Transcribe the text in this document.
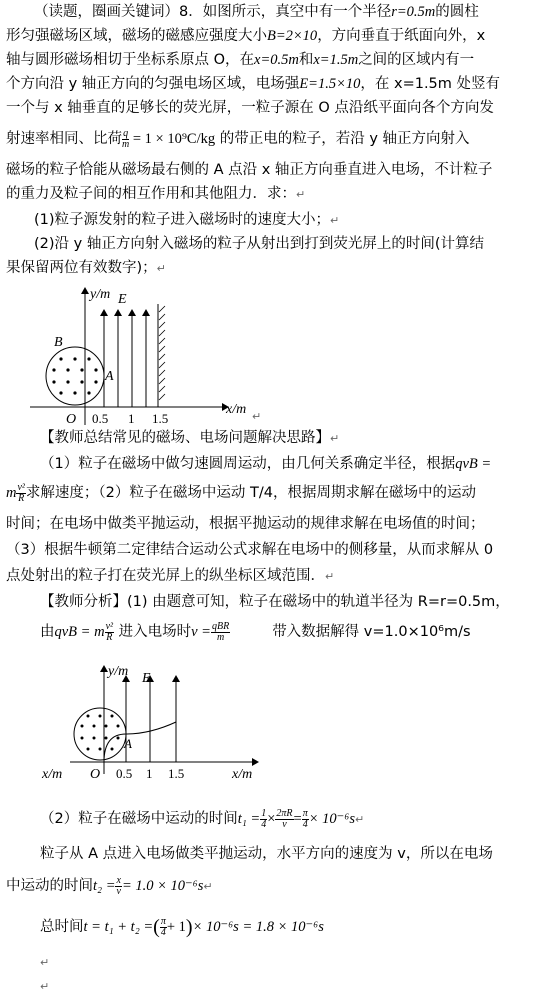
（读题，圈画关键词）8．如图所示，真空中有一个半径r=0.5m的圆柱
形匀强磁场区域，磁场的磁感应强度大小B=2×10，方向垂直于纸面向外，x
轴与圆形磁场相切于坐标系原点 O，在x=0.5m和x=1.5m之间的区域内有一
个方向沿 y 轴正方向的匀强电场区域，电场强E=1.5×10，在 x=1.5m 处竖有
一个与 x 轴垂直的足够长的荧光屏，一粒子源在 O 点沿纸平面向各个方向发
射速率相同、比荷 $\frac{q}{m} = 1 \times 10^9C/kg$ 的带正电的粒子，若沿 y 轴正方向射入
磁场的粒子恰能从磁场最右侧的 A 点沿 x 轴正方向垂直进入电场，不计粒子
的重力及粒子间的相互作用和其他阻力．求：↵
(1)粒子源发射的粒子进入磁场时的速度大小；↵
(2)沿 y 轴正方向射入磁场的粒子从射出到打到荧光屏上的时间(计算结
果保留两位有效数字)；↵
y/m
x/m
E
B
A
O 0.5 1 1.5	↵
【教师总结常见的磁场、电场问题解决思路】↵
（1）粒子在磁场中做匀速圆周运动，由几何关系确定半径，根据qvB =
m $\frac{\text{v²}}{R}$ 求解速度；（2）粒子在磁场中运动 T/4，根据周期求解在磁场中的运动
时间；在电场中做类平抛运动，根据平抛运动的规律求解在电场值的时间；
（3）根据牛顿第二定律结合运动公式求解在电场中的侧移量，从而求解从 0
点处射出的粒子打在荧光屏上的纵坐标区域范围．↵
【教师分析】(1) 由题意可知，粒子在磁场中的轨道半径为 R=r=0.5m，
由qvB = m $\frac{\text{v²}}{R}$ 进入电场时$v = \frac{\text{qBR}}{m}$	带入数据解得 v=1.0×10⁶m/s
y/m
x/m
x/m
E
A
O 0.5 1 1.5
（2）粒子在磁场中运动的时间$t_1 = \frac{1}{4} \times \frac{2\pi R}{v} = \frac{\pi}{4}$ × 10⁻⁶s↵
粒子从 A 点进入电场做类平抛运动，水平方向的速度为 v，所以在电场
中运动的时间$t_2 = \frac{x}{v} = 1.0$ × 10⁻⁶s↵
总时间t = t₁ + t₂ =( $\frac{\pi}{4} + 1)\times 10^{-6}s = 1.8 \times 10^{-6}s$
↵
↵
